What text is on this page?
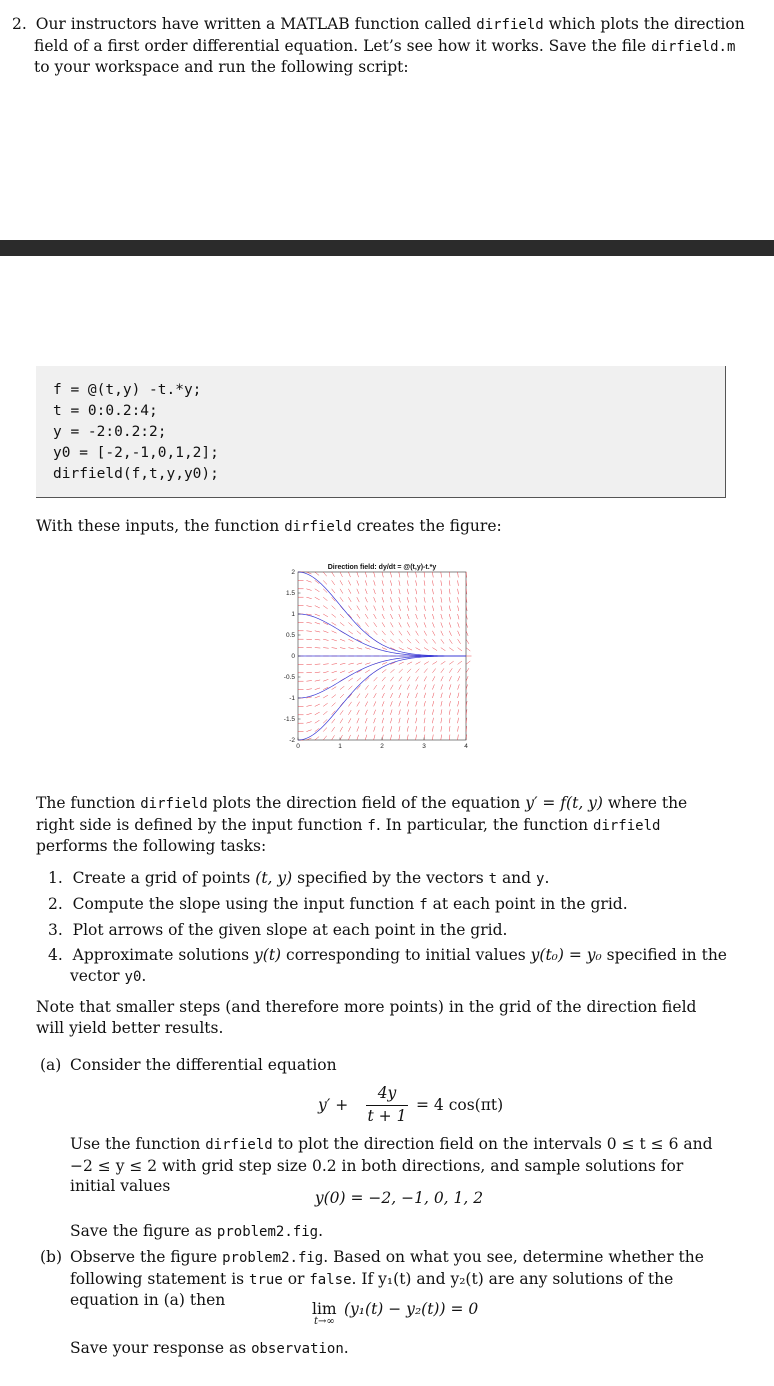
2. Our instructors have written a MATLAB function called dirfield which plots the direction field of a first order differential equation. Let’s see how it works. Save the file dirfield.m to your workspace and run the following script:
f = @(t,y) -t.*y;
t = 0:0.2:4;
y = -2:0.2:2;
y0 = [-2,-1,0,1,2];
dirfield(f,t,y,y0);
With these inputs, the function dirfield creates the figure:
Direction field: dy/dt = @(t,y)-t.*y
2
1.5
1
0.5
0
-0.5
-1
-1.5
-2
0	1	2	3	4
The function dirfield plots the direction field of the equation y′ = f(t, y) where the right side is defined by the input function f. In particular, the function dirfield performs the following tasks:
1. Create a grid of points (t, y) specified by the vectors t and y.
2. Compute the slope using the input function f at each point in the grid.
3. Plot arrows of the given slope at each point in the grid.
4. Approximate solutions y(t) corresponding to initial values y(t₀) = y₀ specified in the vector y0.
Note that smaller steps (and therefore more points) in the grid of the direction field will yield better results.
(a) Consider the differential equation
y′ +
4y
t + 1
= 4 cos(πt)
Use the function dirfield to plot the direction field on the intervals 0 ≤ t ≤ 6 and −2 ≤ y ≤ 2 with grid step size 0.2 in both directions, and sample solutions for initial values
y(0) = −2, −1, 0, 1, 2
Save the figure as problem2.fig.
(b) Observe the figure problem2.fig. Based on what you see, determine whether the following statement is true or false. If y₁(t) and y₂(t) are any solutions of the equation in (a) then	lim
t→∞
(y₁(t) − y₂(t)) = 0
Save your response as observation.
